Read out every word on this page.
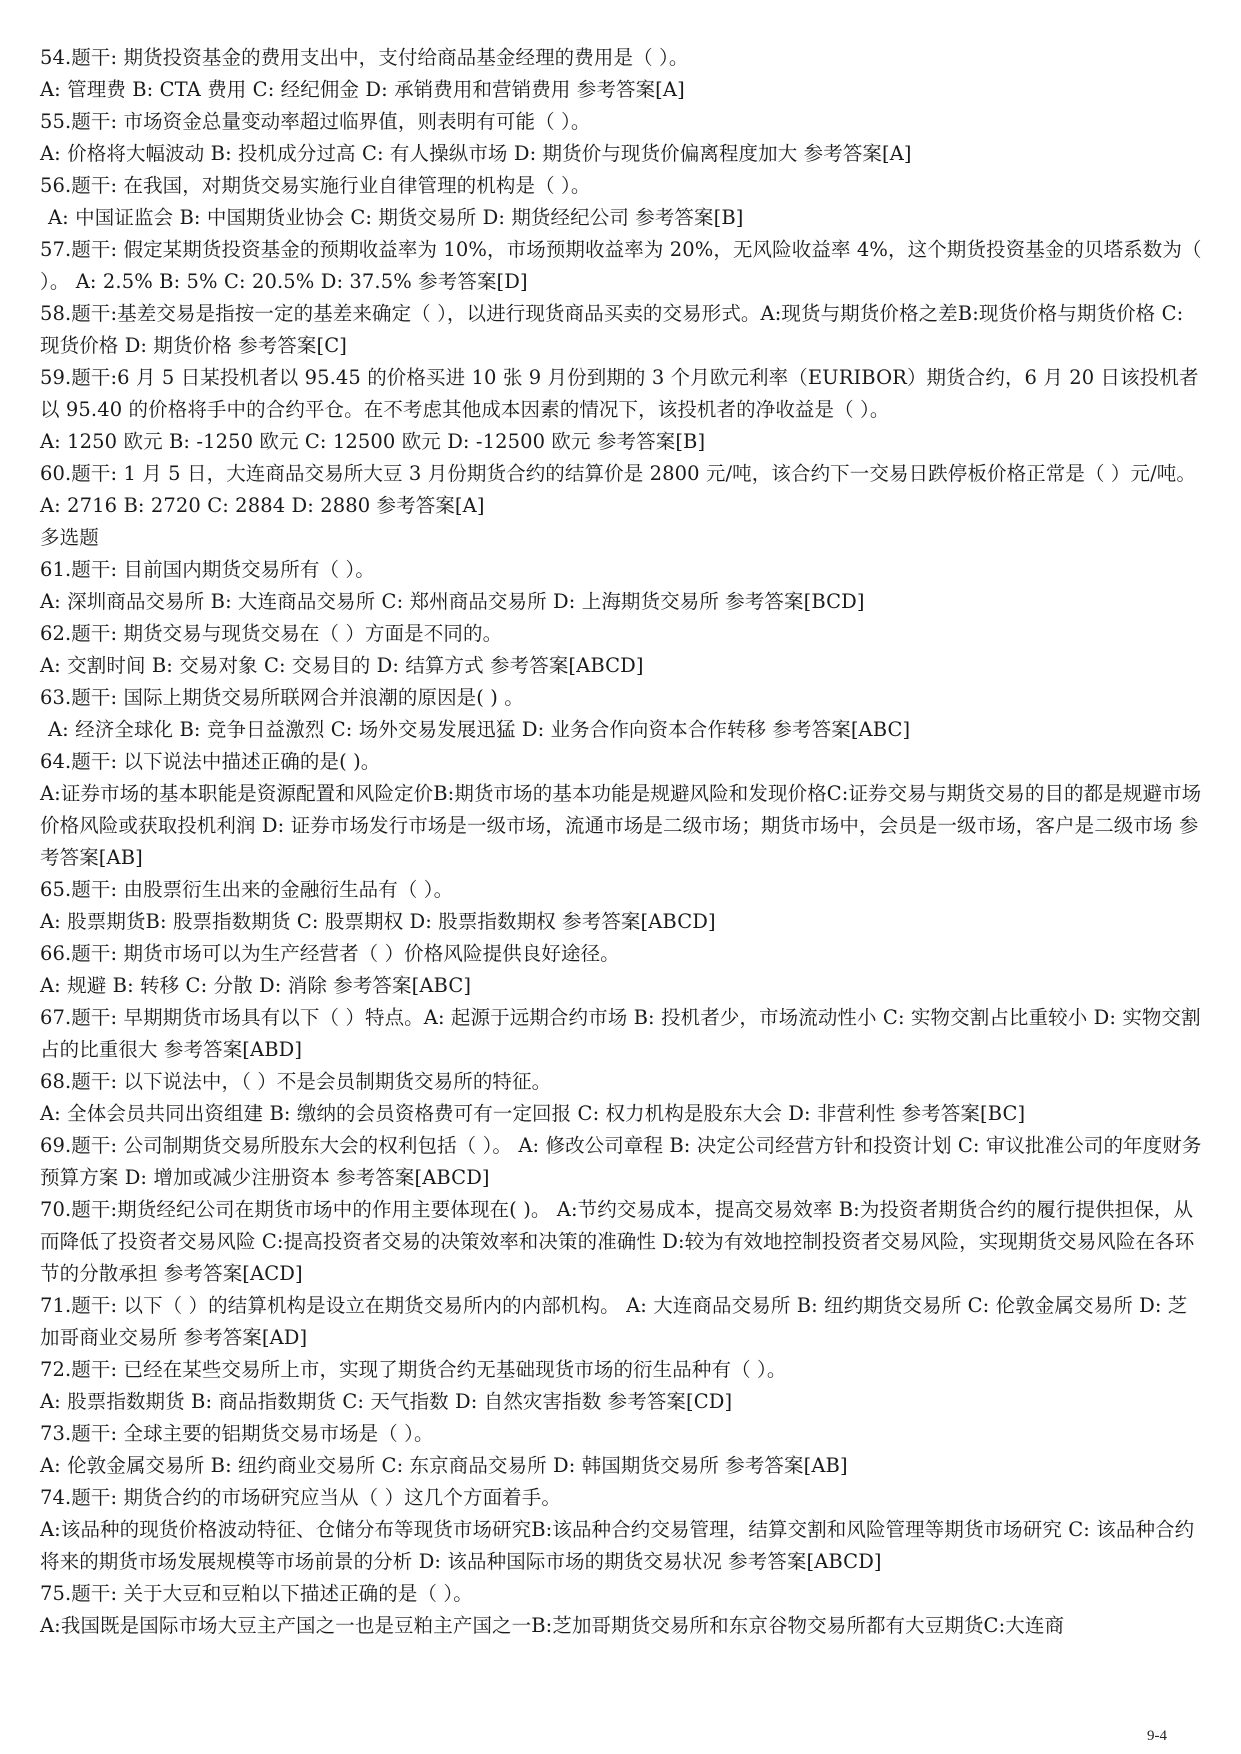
54.题干: 期货投资基金的费用支出中，支付给商品基金经理的费用是（ ）。
A: 管理费 B: CTA 费用 C: 经纪佣金 D: 承销费用和营销费用 参考答案[A]
55.题干: 市场资金总量变动率超过临界值，则表明有可能（ ）。
A: 价格将大幅波动 B: 投机成分过高 C: 有人操纵市场 D: 期货价与现货价偏离程度加大 参考答案[A]
56.题干: 在我国，对期货交易实施行业自律管理的机构是（ ）。
A: 中国证监会 B: 中国期货业协会 C: 期货交易所 D: 期货经纪公司 参考答案[B]
57.题干: 假定某期货投资基金的预期收益率为 10%，市场预期收益率为 20%，无风险收益率 4%，这个期货投资基金的贝塔系数为（ ）。 A: 2.5% B: 5% C: 20.5% D: 37.5% 参考答案[D]
58.题干:基差交易是指按一定的基差来确定（ ），以进行现货商品买卖的交易形式。A:现货与期货价格之差B:现货价格与期货价格 C: 现货价格 D: 期货价格 参考答案[C]
59.题干:6 月 5 日某投机者以 95.45 的价格买进 10 张 9 月份到期的 3 个月欧元利率（EURIBOR）期货合约，6 月 20 日该投机者以 95.40 的价格将手中的合约平仓。在不考虑其他成本因素的情况下，该投机者的净收益是（ ）。
A: 1250 欧元 B: -1250 欧元 C: 12500 欧元 D: -12500 欧元 参考答案[B]
60.题干: 1 月 5 日，大连商品交易所大豆 3 月份期货合约的结算价是 2800 元/吨，该合约下一交易日跌停板价格正常是（ ）元/吨。 A: 2716 B: 2720 C: 2884 D: 2880 参考答案[A]
多选题
61.题干: 目前国内期货交易所有（ ）。
A: 深圳商品交易所 B: 大连商品交易所 C: 郑州商品交易所 D: 上海期货交易所 参考答案[BCD]
62.题干: 期货交易与现货交易在（ ）方面是不同的。
A: 交割时间 B: 交易对象 C: 交易目的 D: 结算方式 参考答案[ABCD]
63.题干: 国际上期货交易所联网合并浪潮的原因是( ) 。
A: 经济全球化 B: 竞争日益激烈 C: 场外交易发展迅猛 D: 业务合作向资本合作转移 参考答案[ABC]
64.题干: 以下说法中描述正确的是( )。
A:证券市场的基本职能是资源配置和风险定价B:期货市场的基本功能是规避风险和发现价格C:证券交易与期货交易的目的都是规避市场价格风险或获取投机利润 D: 证券市场发行市场是一级市场，流通市场是二级市场；期货市场中，会员是一级市场，客户是二级市场 参考答案[AB]
65.题干: 由股票衍生出来的金融衍生品有（ ）。
A: 股票期货B: 股票指数期货 C: 股票期权 D: 股票指数期权 参考答案[ABCD]
66.题干: 期货市场可以为生产经营者（ ）价格风险提供良好途径。
A: 规避 B: 转移 C: 分散 D: 消除 参考答案[ABC]
67.题干: 早期期货市场具有以下（ ）特点。A: 起源于远期合约市场 B: 投机者少，市场流动性小 C: 实物交割占比重较小 D: 实物交割占的比重很大 参考答案[ABD]
68.题干: 以下说法中，（ ）不是会员制期货交易所的特征。
A: 全体会员共同出资组建 B: 缴纳的会员资格费可有一定回报 C: 权力机构是股东大会 D: 非营利性 参考答案[BC]
69.题干: 公司制期货交易所股东大会的权利包括（ ）。 A: 修改公司章程 B: 决定公司经营方针和投资计划 C: 审议批准公司的年度财务预算方案 D: 增加或减少注册资本 参考答案[ABCD]
70.题干:期货经纪公司在期货市场中的作用主要体现在( )。 A:节约交易成本，提高交易效率 B:为投资者期货合约的履行提供担保，从而降低了投资者交易风险 C:提高投资者交易的决策效率和决策的准确性 D:较为有效地控制投资者交易风险，实现期货交易风险在各环节的分散承担 参考答案[ACD]
71.题干: 以下（ ）的结算机构是设立在期货交易所内的内部机构。 A: 大连商品交易所 B: 纽约期货交易所 C: 伦敦金属交易所 D: 芝加哥商业交易所 参考答案[AD]
72.题干: 已经在某些交易所上市，实现了期货合约无基础现货市场的衍生品种有（ ）。
A: 股票指数期货 B: 商品指数期货 C: 天气指数 D: 自然灾害指数 参考答案[CD]
73.题干: 全球主要的铝期货交易市场是（ ）。
A: 伦敦金属交易所 B: 纽约商业交易所 C: 东京商品交易所 D: 韩国期货交易所 参考答案[AB]
74.题干: 期货合约的市场研究应当从（ ）这几个方面着手。
A:该品种的现货价格波动特征、仓储分布等现货市场研究B:该品种合约交易管理，结算交割和风险管理等期货市场研究 C: 该品种合约将来的期货市场发展规模等市场前景的分析 D: 该品种国际市场的期货交易状况 参考答案[ABCD]
75.题干: 关于大豆和豆粕以下描述正确的是（ ）。
A:我国既是国际市场大豆主产国之一也是豆粕主产国之一B:芝加哥期货交易所和东京谷物交易所都有大豆期货C:大连商
9-4
